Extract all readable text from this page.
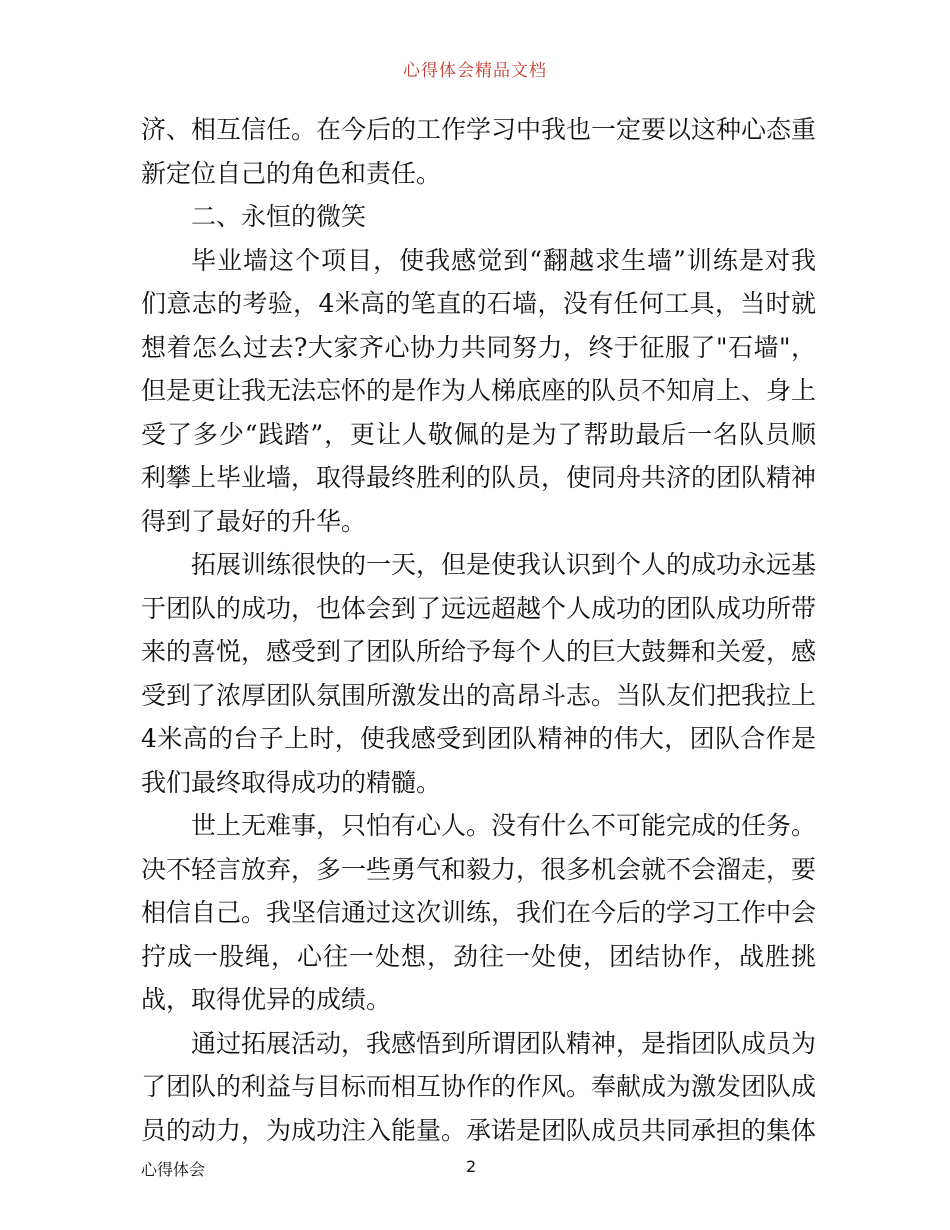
心得体会精品文档

济、相互信任。在今后的工作学习中我也一定要以这种心态重新定位自己的角色和责任。

二、永恒的微笑

毕业墙这个项目，使我感觉到“翻越求生墙”训练是对我们意志的考验，4米高的笔直的石墙，没有任何工具，当时就想着怎么过去?大家齐心协力共同努力，终于征服了"石墙"，但是更让我无法忘怀的是作为人梯底座的队员不知肩上、身上受了多少“践踏”，更让人敬佩的是为了帮助最后一名队员顺利攀上毕业墙，取得最终胜利的队员，使同舟共济的团队精神得到了最好的升华。

拓展训练很快的一天，但是使我认识到个人的成功永远基于团队的成功，也体会到了远远超越个人成功的团队成功所带来的喜悦，感受到了团队所给予每个人的巨大鼓舞和关爱，感受到了浓厚团队氛围所激发出的高昂斗志。当队友们把我拉上4米高的台子上时，使我感受到团队精神的伟大，团队合作是我们最终取得成功的精髓。

世上无难事，只怕有心人。没有什么不可能完成的任务。决不轻言放弃，多一些勇气和毅力，很多机会就不会溜走，要相信自己。我坚信通过这次训练，我们在今后的学习工作中会拧成一股绳，心往一处想，劲往一处使，团结协作，战胜挑战，取得优异的成绩。

通过拓展活动，我感悟到所谓团队精神，是指团队成员为了团队的利益与目标而相互协作的作风。奉献成为激发团队成员的动力，为成功注入能量。承诺是团队成员共同承担的集体

心得体会	2
